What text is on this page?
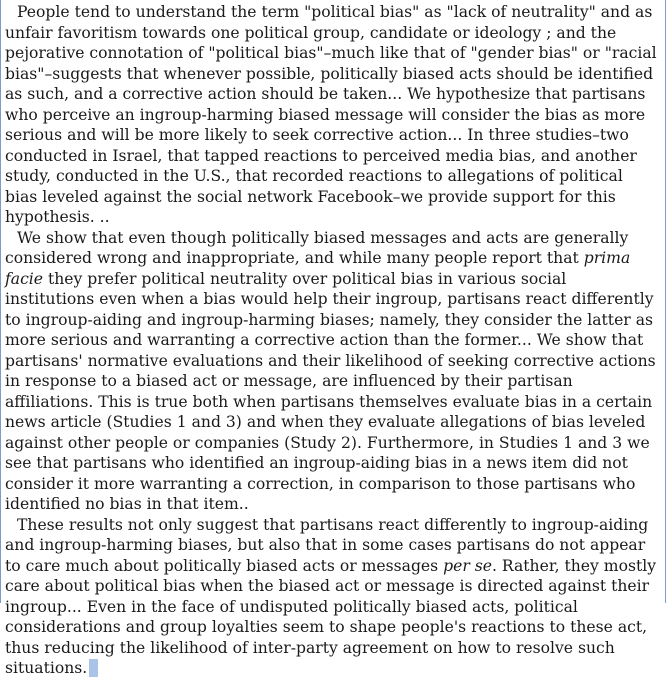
People tend to understand the term "political bias" as "lack of neutrality" and as unfair favoritism towards one political group, candidate or ideology ; and the pejorative connotation of "political bias"–much like that of "gender bias" or "racial bias"–suggests that whenever possible, politically biased acts should be identified as such, and a corrective action should be taken... We hypothesize that partisans who perceive an ingroup-harming biased message will consider the bias as more serious and will be more likely to seek corrective action... In three studies–two conducted in Israel, that tapped reactions to perceived media bias, and another study, conducted in the U.S., that recorded reactions to allegations of political bias leveled against the social network Facebook–we provide support for this hypothesis. ..

We show that even though politically biased messages and acts are generally considered wrong and inappropriate, and while many people report that prima facie they prefer political neutrality over political bias in various social institutions even when a bias would help their ingroup, partisans react differently to ingroup-aiding and ingroup-harming biases; namely, they consider the latter as more serious and warranting a corrective action than the former... We show that partisans' normative evaluations and their likelihood of seeking corrective actions in response to a biased act or message, are influenced by their partisan affiliations. This is true both when partisans themselves evaluate bias in a certain news article (Studies 1 and 3) and when they evaluate allegations of bias leveled against other people or companies (Study 2). Furthermore, in Studies 1 and 3 we see that partisans who identified an ingroup-aiding bias in a news item did not consider it more warranting a correction, in comparison to those partisans who identified no bias in that item..

These results not only suggest that partisans react differently to ingroup-aiding and ingroup-harming biases, but also that in some cases partisans do not appear to care much about politically biased acts or messages per se. Rather, they mostly care about political bias when the biased act or message is directed against their ingroup... Even in the face of undisputed politically biased acts, political considerations and group loyalties seem to shape people's reactions to these act, thus reducing the likelihood of inter-party agreement on how to resolve such situations.
